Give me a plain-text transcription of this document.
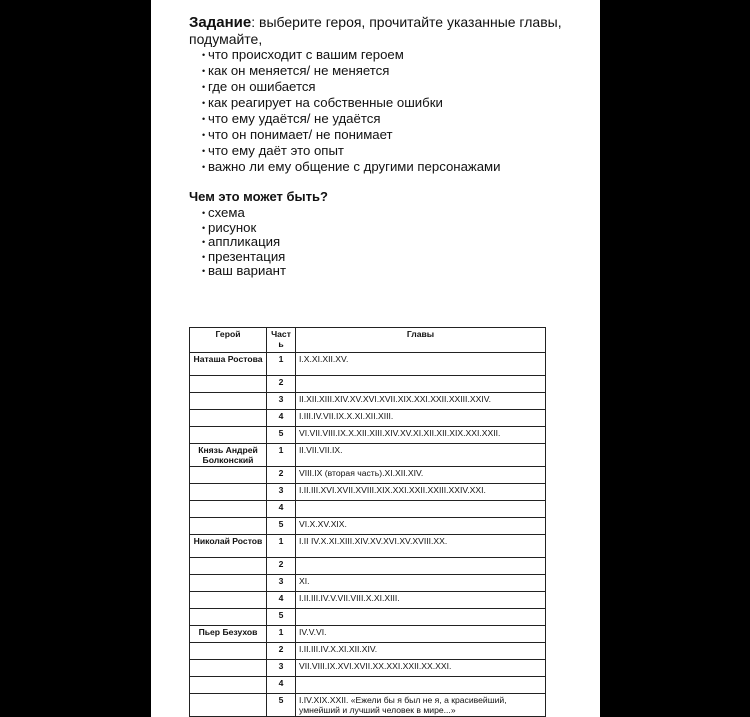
Задание: выберите героя, прочитайте указанные главы, подумайте,
• что происходит с вашим героем
• как он меняется/ не меняется
• где он ошибается
• как реагирует на собственные ошибки
• что ему удаётся/ не удаётся
• что он понимает/ не понимает
• что ему даёт это опыт
• важно ли ему общение с другими персонажами
Чем это может быть?
• схема
• рисунок
• аппликация
• презентация
• ваш вариант
Герой	Част ь	Главы
Наташа Ростова	1	I.X.XI.XII.XV.
	2	
	3	II.XII.XIII.XIV.XV.XVI.XVII.XIX.XXI.XXII.XXIII.XXIV.
	4	I.III.IV.VII.IX.X.XI.XII.XIII.
	5	VI.VII.VIII.IX.X.XII.XIII.XIV.XV.XI.XII.XII.XIX.XXI.XXII.
Князь Андрей Болконский	1	II.VII.VII.IX.
	2	VIII.IX (вторая часть).XI.XII.XIV.
	3	I.II.III.XVI.XVII.XVIII.XIX.XXI.XXII.XXIII.XXIV.XXI.
	4	
	5	VI.X.XV.XIX.
Николай Ростов	1	I.II IV.X.XI.XIII.XIV.XV.XVI.XV.XVIII.XX.
	2	
	3	XI.
	4	I.II.III.IV.V.VII.VIII.X.XI.XIII.
	5	
Пьер Безухов	1	IV.V.VI.
	2	I.II.III.IV.X.XI.XII.XIV.
	3	VII.VIII.IX.XVI.XVII.XX.XXI.XXII.XX.XXI.
	4	
	5	I.IV.XIX.XXII. «Ежели бы я был не я, а красивейший, умнейший и лучший человек в мире...»
